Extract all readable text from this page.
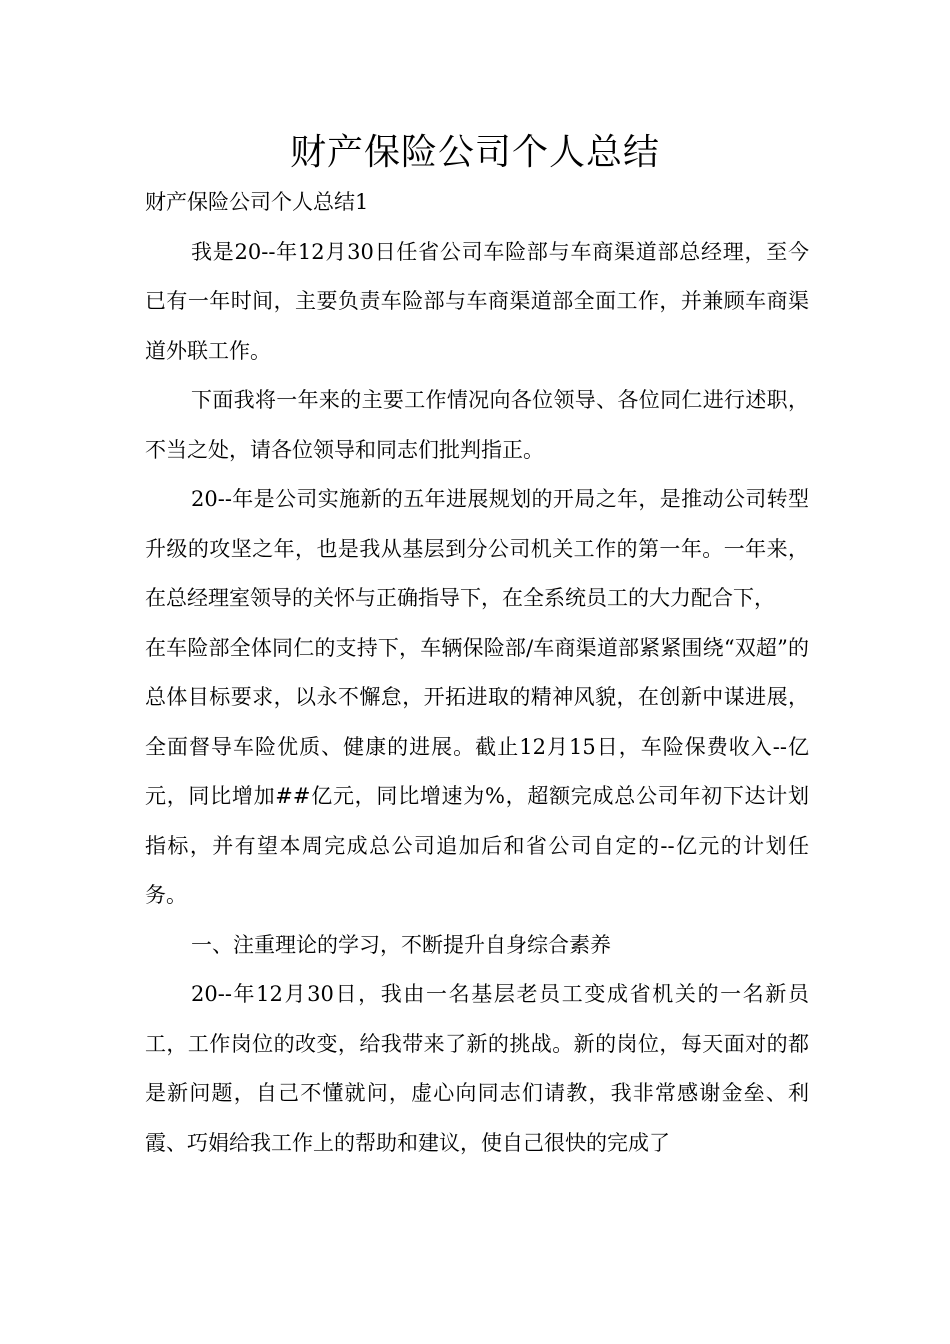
财产保险公司个人总结

财产保险公司个人总结1

我是20--年12月30日任省公司车险部与车商渠道部总经理，至今已有一年时间，主要负责车险部与车商渠道部全面工作，并兼顾车商渠道外联工作。

下面我将一年来的主要工作情况向各位领导、各位同仁进行述职，不当之处，请各位领导和同志们批判指正。

20--年是公司实施新的五年进展规划的开局之年，是推动公司转型升级的攻坚之年，也是我从基层到分公司机关工作的第一年。一年来，在总经理室领导的关怀与正确指导下，在全系统员工的大力配合下，

在车险部全体同仁的支持下，车辆保险部/车商渠道部紧紧围绕“双超”的总体目标要求，以永不懈怠，开拓进取的精神风貌，在创新中谋进展，全面督导车险优质、健康的进展。截止12月15日，车险保费收入--亿元，同比增加##亿元，同比增速为%，超额完成总公司年初下达计划指标，并有望本周完成总公司追加后和省公司自定的--亿元的计划任务。

一、注重理论的学习，不断提升自身综合素养

20--年12月30日，我由一名基层老员工变成省机关的一名新员工，工作岗位的改变，给我带来了新的挑战。新的岗位，每天面对的都是新问题，自己不懂就问，虚心向同志们请教，我非常感谢金垒、利霞、巧娟给我工作上的帮助和建议，使自己很快的完成了
